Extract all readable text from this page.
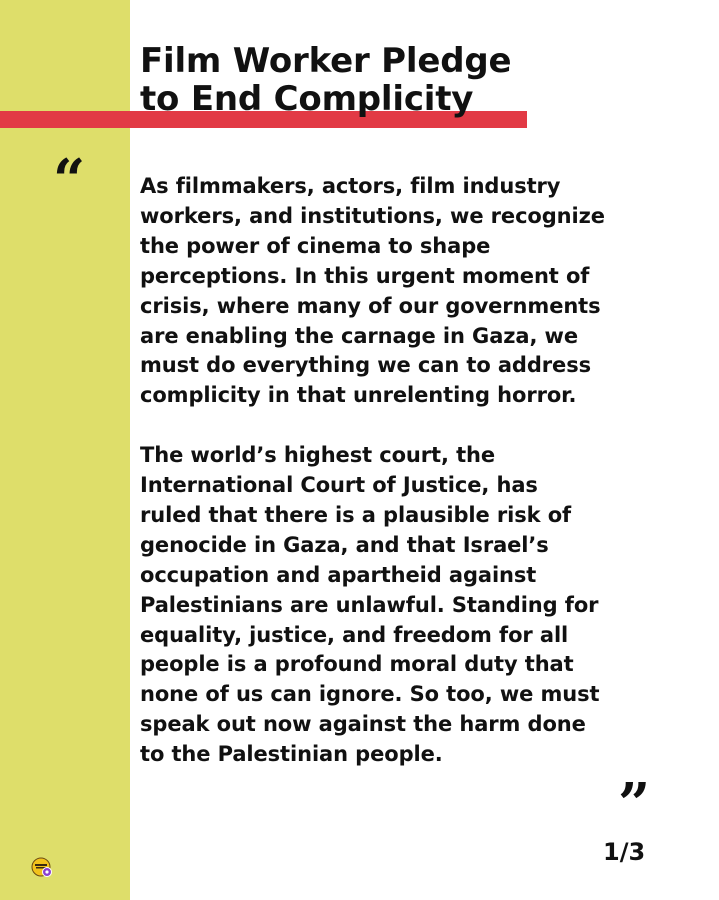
Film Worker Pledge
to End Complicity
“	As filmmakers, actors, film industry
workers, and institutions, we recognize
the power of cinema to shape
perceptions. In this urgent moment of
crisis, where many of our governments
are enabling the carnage in Gaza, we
must do everything we can to address
complicity in that unrelenting horror.

The world’s highest court, the
International Court of Justice, has
ruled that there is a plausible risk of
genocide in Gaza, and that Israel’s
occupation and apartheid against
Palestinians are unlawful. Standing for
equality, justice, and freedom for all
people is a profound moral duty that
none of us can ignore. So too, we must
speak out now against the harm done
to the Palestinian people.

”
1/3
